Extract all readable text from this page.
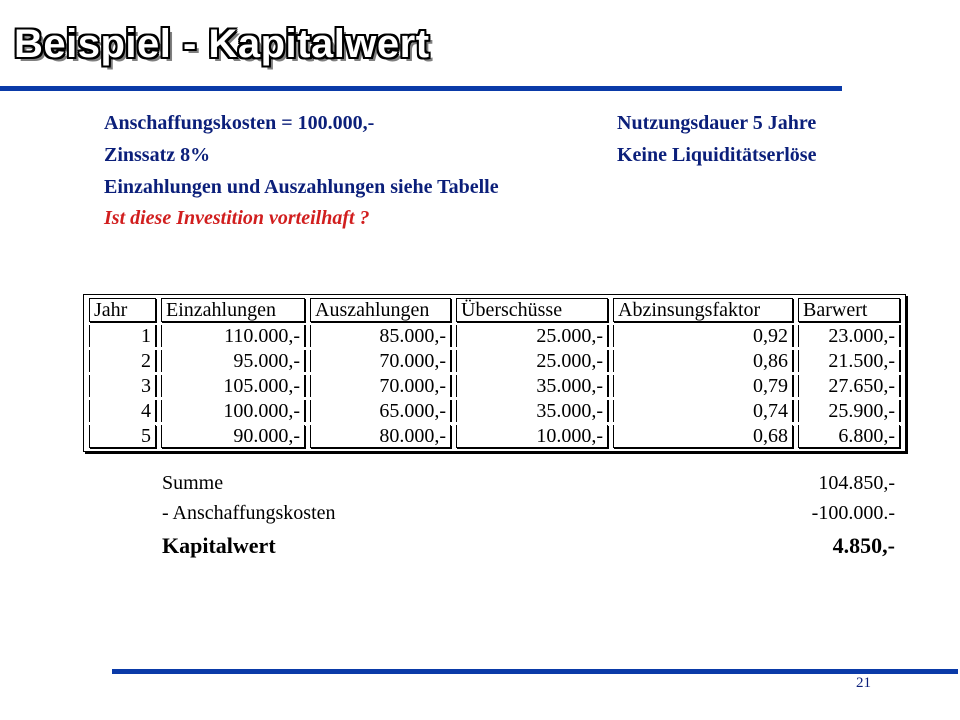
Beispiel - Kapitalwert
Anschaffungskosten = 100.000,-	Nutzungsdauer 5 Jahre
Zinssatz 8%	Keine Liquiditätserlöse
Einzahlungen und Auszahlungen siehe Tabelle
Ist diese Investition vorteilhaft ?
Jahr	Einzahlungen	Auszahlungen	Überschüsse	Abzinsungsfaktor	Barwert
1	110.000,-	85.000,-	25.000,-	0,92	23.000,-
2	95.000,-	70.000,-	25.000,-	0,86	21.500,-
3	105.000,-	70.000,-	35.000,-	0,79	27.650,-
4	100.000,-	65.000,-	35.000,-	0,74	25.900,-
5	90.000,-	80.000,-	10.000,-	0,68	6.800,-
Summe	104.850,-
- Anschaffungskosten	-100.000.-
Kapitalwert	4.850,-
21
